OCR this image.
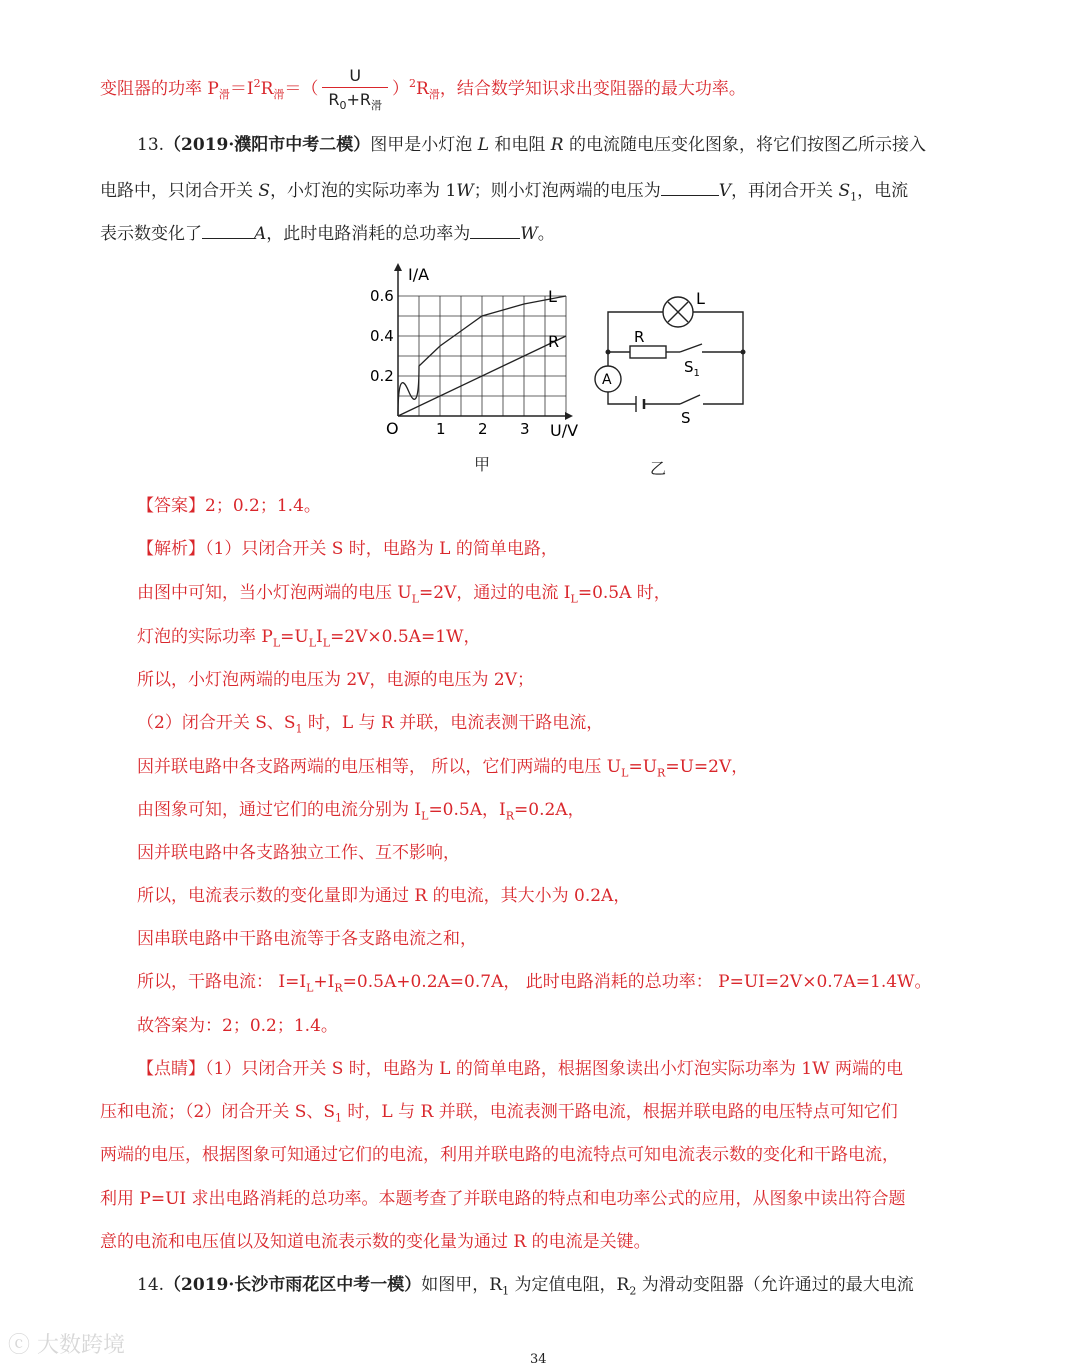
变阻器的功率 $P_滑=I^2R_滑=( \frac{U}{R_0+R_滑} )^2R_滑$，结合数学知识求出变阻器的最大功率。
13.（2019·濮阳市中考二模）图甲是小灯泡 L 和电阻 R 的电流随电压变化图象，将它们按图乙所示接入
电路中，只闭合开关 S，小灯泡的实际功率为 1W；则小灯泡两端的电压为	V，再闭合开关 $S_1$，电流
表示数变化了	A，此时电路消耗的总功率为	W。
I/A
U/V
O
0.2
0.4
0.6
1 2 3
L
R
甲
L
R
A
$S_1$
S
乙
【答案】2；0.2；1.4。
【解析】（1）只闭合开关 S 时，电路为 L 的简单电路，
由图中可知，当小灯泡两端的电压 $U_L=2V$，通过的电流 $I_L=0.5A$ 时，
灯泡的实际功率 $P_L=U_LI_L=2V\times 0.5A=1W$，
所以，小灯泡两端的电压为 2V，电源的电压为 2V；
（2）闭合开关 S、$S_1$ 时，L 与 R 并联，电流表测干路电流，
因并联电路中各支路两端的电压相等， 所以，它们两端的电压 $U_L=U_R=U=2V$，
由图象可知，通过它们的电流分别为 $I_L=0.5A$，$I_R=0.2A$，
因并联电路中各支路独立工作、互不影响，
所以，电流表示数的变化量即为通过 R 的电流，其大小为 0.2A，
因串联电路中干路电流等于各支路电流之和，
所以，干路电流： $I=I_L+I_R=0.5A+0.2A=0.7A$， 此时电路消耗的总功率： P=UI=2V×0.7A=1.4W。
故答案为：2；0.2；1.4。
【点睛】（1）只闭合开关 S 时，电路为 L 的简单电路，根据图象读出小灯泡实际功率为 1W 两端的电
压和电流；（2）闭合开关 S、$S_1$ 时，L 与 R 并联，电流表测干路电流，根据并联电路的电压特点可知它们
两端的电压，根据图象可知通过它们的电流，利用并联电路的电流特点可知电流表示数的变化和干路电流，
利用 P=UI 求出电路消耗的总功率。本题考查了并联电路的特点和电功率公式的应用，从图象中读出符合题
意的电流和电压值以及知道电流表示数的变化量为通过 R 的电流是关键。
14.（2019·长沙市雨花区中考一模）如图甲，$R_1$ 为定值电阻，$R_2$ 为滑动变阻器（允许通过的最大电流
ⓒ 大数跨境
34
